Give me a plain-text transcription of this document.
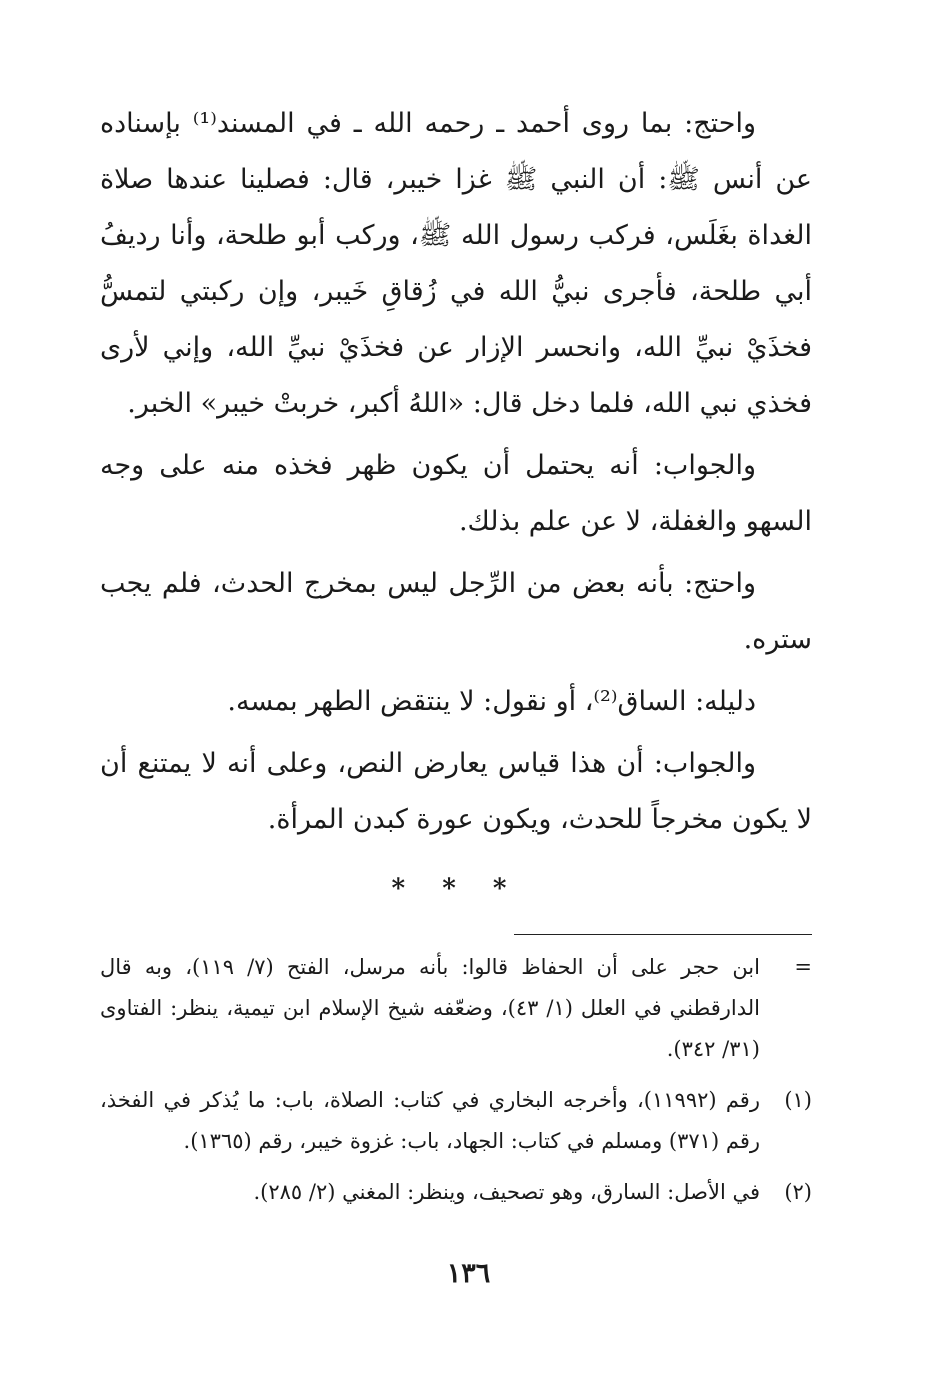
واحتج: بما روى أحمد ـ رحمه الله ـ في المسند⁽¹⁾ بإسناده عن أنس ﷺ: أن النبي ﷺ غزا خيبر، قال: فصلينا عندها صلاة الغداة بغَلَس، فركب رسول الله ﷺ، وركب أبو طلحة، وأنا رديفُ أبي طلحة، فأجرى نبيُّ الله في زُقاقِ خَيبر، وإن ركبتي لتمسُّ فخذَيْ نبيِّ الله، وانحسر الإزار عن فخذَيْ نبيِّ الله، وإني لأرى فخذي نبي الله، فلما دخل قال: «اللهُ أكبر، خربتْ خيبر» الخبر.

والجواب: أنه يحتمل أن يكون ظهر فخذه منه على وجه السهو والغفلة، لا عن علم بذلك.

واحتج: بأنه بعض من الرِّجل ليس بمخرج الحدث، فلم يجب ستره.

دليله: الساق⁽²⁾، أو نقول: لا ينتقض الطهر بمسه.

والجواب: أن هذا قياس يعارض النص، وعلى أنه لا يمتنع أن لا يكون مخرجاً للحدث، ويكون عورة كبدن المرأة.

* * *
=
ابن حجر على أن الحفاظ قالوا: بأنه مرسل، الفتح (٧/ ١١٩)، وبه قال الدارقطني في العلل (١/ ٤٣)، وضعّفه شيخ الإسلام ابن تيمية، ينظر: الفتاوى (٣١/ ٣٤٢).
(١)
رقم (١١٩٩٢)، وأخرجه البخاري في كتاب: الصلاة، باب: ما يُذكر في الفخذ، رقم (٣٧١) ومسلم في كتاب: الجهاد، باب: غزوة خيبر، رقم (١٣٦٥).
(٢)
في الأصل: السارق، وهو تصحيف، وينظر: المغني (٢/ ٢٨٥).
١٣٦
